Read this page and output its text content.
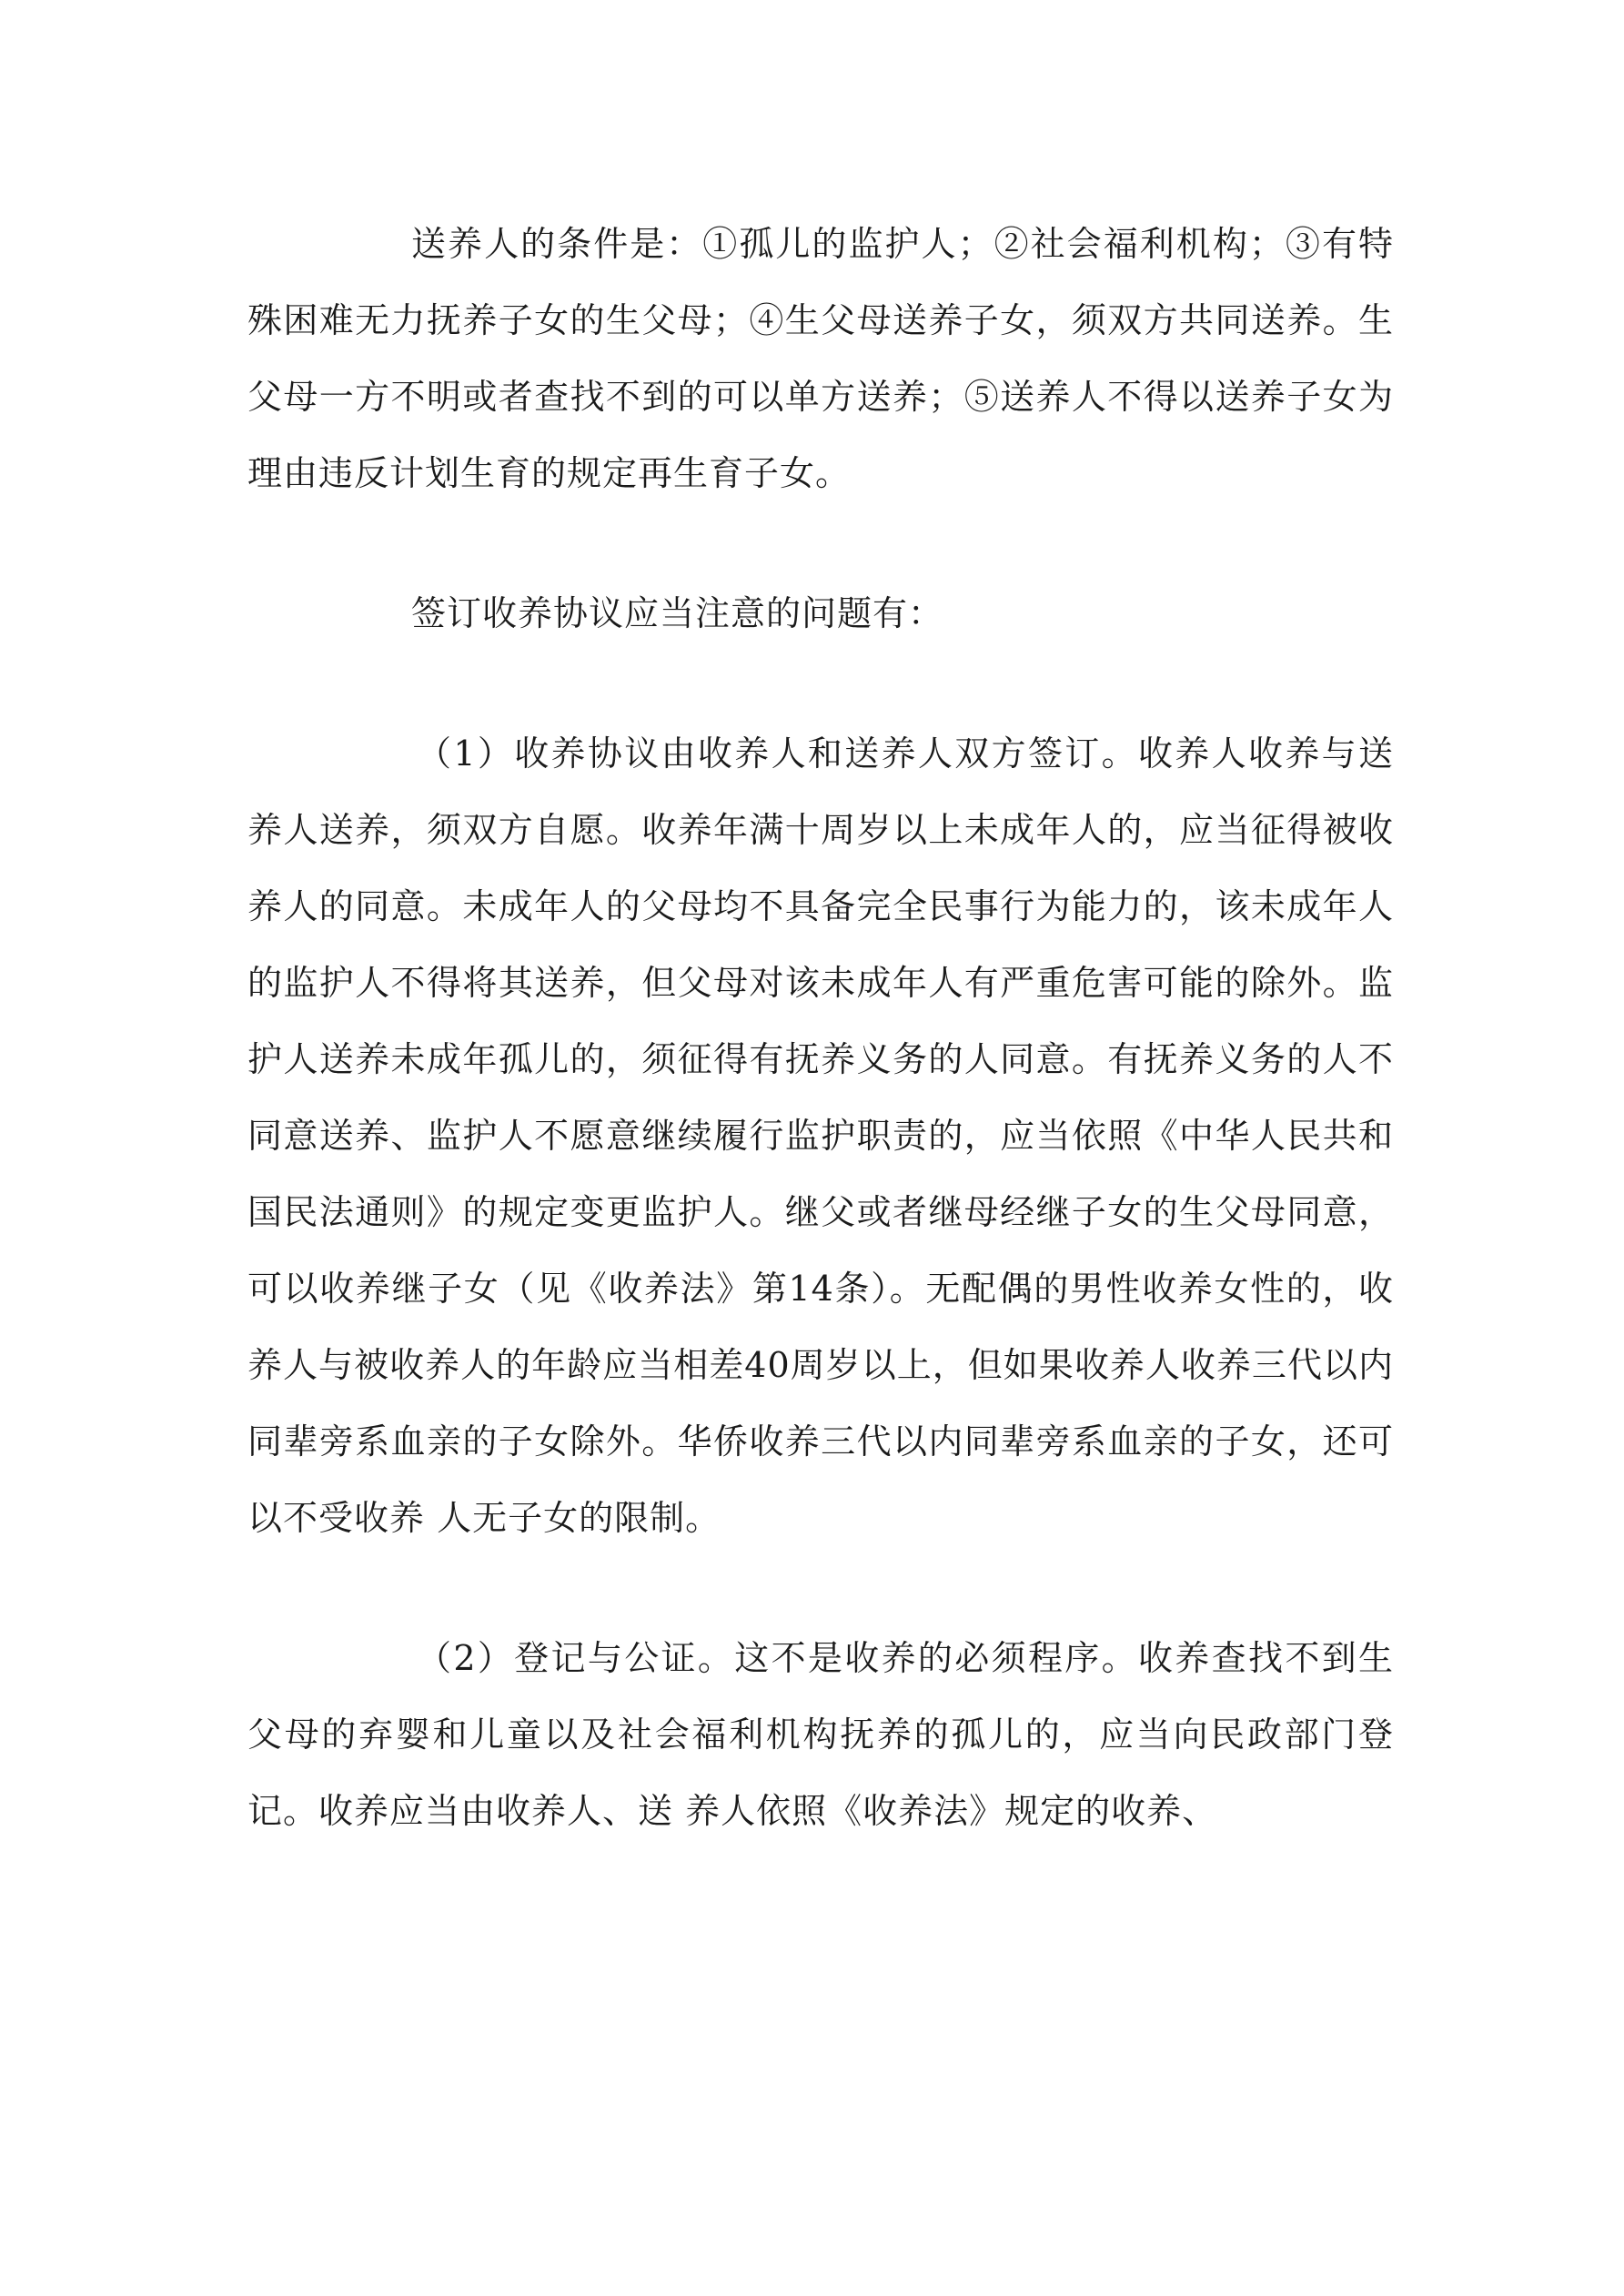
送养人的条件是：①孤儿的监护人；②社会福利机构；③有特殊困难无力抚养子女的生父母；④生父母送养子女，须双方共同送养。生父母一方不明或者查找不到的可以单方送养；⑤送养人不得以送养子女为理由违反计划生育的规定再生育子女。

签订收养协议应当注意的问题有：

（1）收养协议由收养人和送养人双方签订。收养人收养与送养人送养，须双方自愿。收养年满十周岁以上未成年人的，应当征得被收养人的同意。未成年人的父母均不具备完全民事行为能力的，该未成年人的监护人不得将其送养，但父母对该未成年人有严重危害可能的除外。监护人送养未成年孤儿的，须征得有抚养义务的人同意。有抚养义务的人不同意送养、监护人不愿意继续履行监护职责的，应当依照《中华人民共和国民法通则》的规定变更监护人。继父或者继母经继子女的生父母同意，可以收养继子女（见《收养法》第14条）。无配偶的男性收养女性的，收养人与被收养人的年龄应当相差40周岁以上，但如果收养人收养三代以内同辈旁系血亲的子女除外。华侨收养三代以内同辈旁系血亲的子女，还可以不受收养 人无子女的限制。

（2）登记与公证。这不是收养的必须程序。收养查找不到生父母的弃婴和儿童以及社会福利机构抚养的孤儿的，应当向民政部门登记。收养应当由收养人、送 养人依照《收养法》规定的收养、
